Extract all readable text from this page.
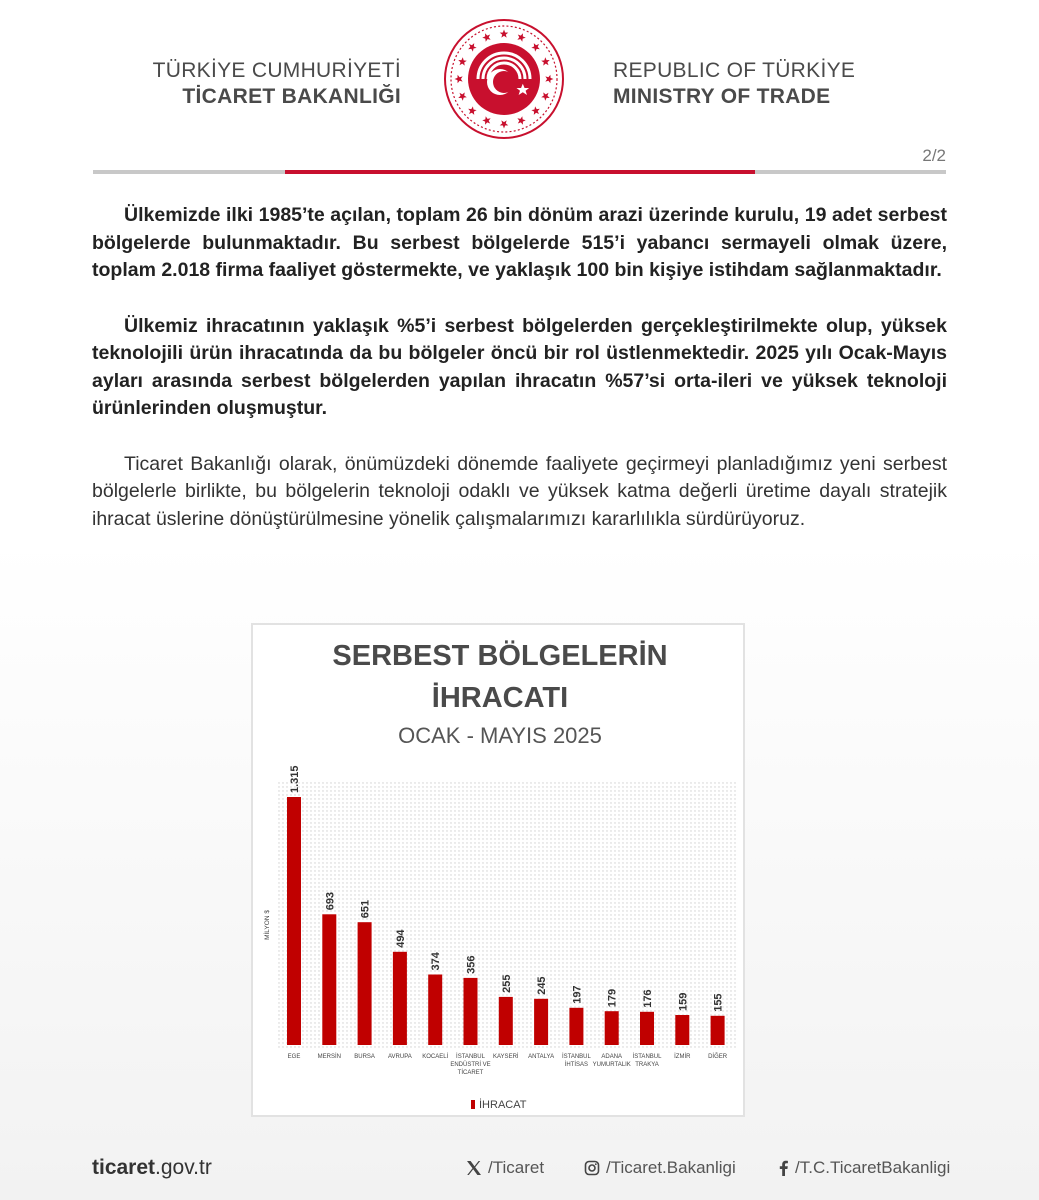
TÜRKİYE CUMHURİYETİ
TİCARET BAKANLIĞI
REPUBLIC OF TÜRKİYE
MINISTRY OF TRADE
2/2

Ülkemizde ilki 1985’te açılan, toplam 26 bin dönüm arazi üzerinde kurulu, 19 adet serbest bölgelerde bulunmaktadır. Bu serbest bölgelerde 515’i yabancı sermayeli olmak üzere, toplam 2.018 firma faaliyet göstermekte, ve yaklaşık 100 bin kişiye istihdam sağlanmaktadır.

Ülkemiz ihracatının yaklaşık %5’i serbest bölgelerden gerçekleştirilmekte olup, yüksek teknolojili ürün ihracatında da bu bölgeler öncü bir rol üstlenmektedir. 2025 yılı Ocak-Mayıs ayları arasında serbest bölgelerden yapılan ihracatın %57’si orta-ileri ve yüksek teknoloji ürünlerinden oluşmuştur.

Ticaret Bakanlığı olarak, önümüzdeki dönemde faaliyete geçirmeyi planladığımız yeni serbest bölgelerle birlikte, bu bölgelerin teknoloji odaklı ve yüksek katma değerli üretime dayalı stratejik ihracat üslerine dönüştürülmesine yönelik çalışmalarımızı kararlılıkla sürdürüyoruz.

SERBEST BÖLGELERİN
İHRACATI
OCAK - MAYIS 2025
MİLYON $
1.315
EGE
693
MERSİN
651
BURSA
494
AVRUPA
374
KOCAELİ
356
İSTANBUL
ENDÜSTRİ VE
TİCARET
255
KAYSERİ
245
ANTALYA
197
İSTANBUL
İHTİSAS
179
ADANA
YUMURTALIK
176
İSTANBUL
TRAKYA
159
İZMİR
155
DİĞER
İHRACAT
ticaret.gov.tr	/Ticaret	/Ticaret.Bakanligi	/T.C.TicaretBakanligi
